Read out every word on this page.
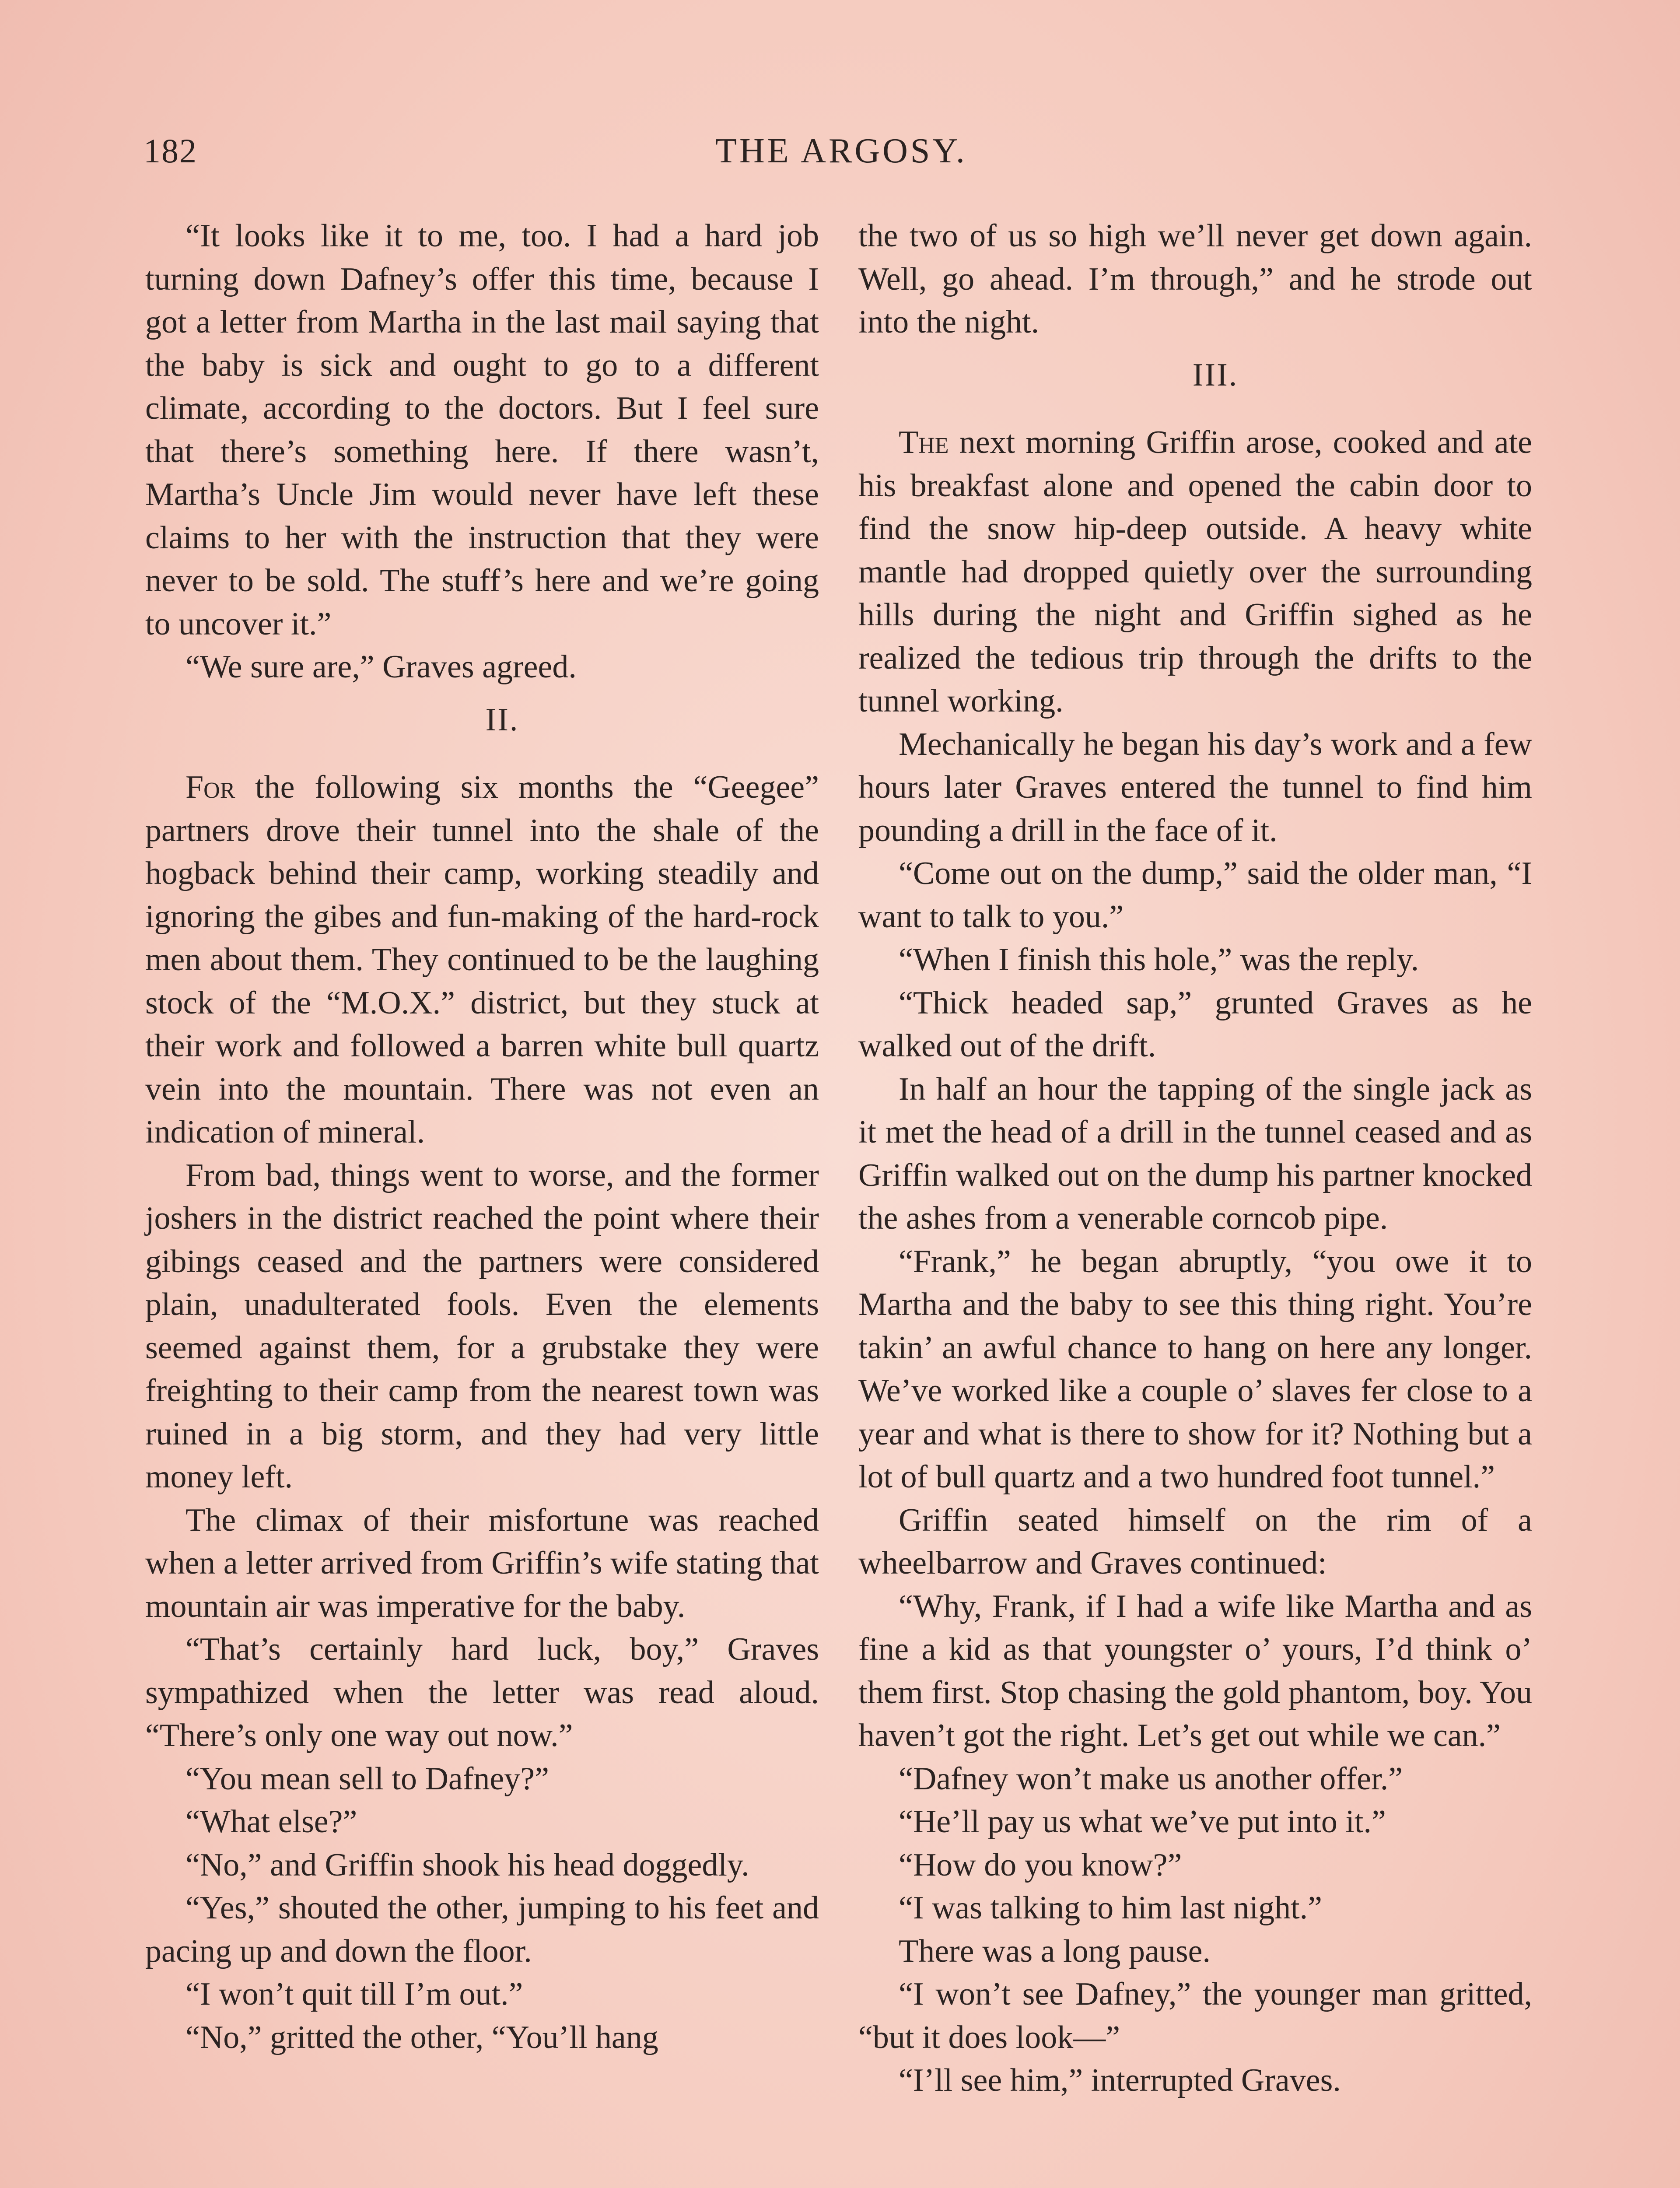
182	THE ARGOSY.

“It looks like it to me, too. I had a hard job turning down Dafney’s offer this time, because I got a letter from Martha in the last mail saying that the baby is sick and ought to go to a different climate, according to the doctors. But I feel sure that there’s something here. If there wasn’t, Martha’s Uncle Jim would never have left these claims to her with the instruction that they were never to be sold. The stuff’s here and we’re going to uncover it.”

“We sure are,” Graves agreed.

II.

For the following six months the “Geegee” partners drove their tunnel into the shale of the hogback behind their camp, working steadily and ignoring the gibes and fun-making of the hard-rock men about them. They continued to be the laughing stock of the “M.O.X.” district, but they stuck at their work and followed a barren white bull quartz vein into the mountain. There was not even an indication of mineral.

From bad, things went to worse, and the former joshers in the district reached the point where their gibings ceased and the partners were considered plain, unadulterated fools. Even the elements seemed against them, for a grubstake they were freighting to their camp from the nearest town was ruined in a big storm, and they had very little money left.

The climax of their misfortune was reached when a letter arrived from Griffin’s wife stating that mountain air was imperative for the baby.

“That’s certainly hard luck, boy,” Graves sympathized when the letter was read aloud. “There’s only one way out now.”

“You mean sell to Dafney?”

“What else?”

“No,” and Griffin shook his head doggedly.

“Yes,” shouted the other, jumping to his feet and pacing up and down the floor.

“I won’t quit till I’m out.”

“No,” gritted the other, “You’ll hang

the two of us so high we’ll never get down again. Well, go ahead. I’m through,” and he strode out into the night.

III.

The next morning Griffin arose, cooked and ate his breakfast alone and opened the cabin door to find the snow hip-deep outside. A heavy white mantle had dropped quietly over the surrounding hills during the night and Griffin sighed as he realized the tedious trip through the drifts to the tunnel working.

Mechanically he began his day’s work and a few hours later Graves entered the tunnel to find him pounding a drill in the face of it.

“Come out on the dump,” said the older man, “I want to talk to you.”

“When I finish this hole,” was the reply.

“Thick headed sap,” grunted Graves as he walked out of the drift.

In half an hour the tapping of the single jack as it met the head of a drill in the tunnel ceased and as Griffin walked out on the dump his partner knocked the ashes from a venerable corncob pipe.

“Frank,” he began abruptly, “you owe it to Martha and the baby to see this thing right. You’re takin’ an awful chance to hang on here any longer. We’ve worked like a couple o’ slaves fer close to a year and what is there to show for it? Nothing but a lot of bull quartz and a two hundred foot tunnel.”

Griffin seated himself on the rim of a wheelbarrow and Graves continued:

“Why, Frank, if I had a wife like Martha and as fine a kid as that youngster o’ yours, I’d think o’ them first. Stop chasing the gold phantom, boy. You haven’t got the right. Let’s get out while we can.”

“Dafney won’t make us another offer.”

“He’ll pay us what we’ve put into it.”

“How do you know?”

“I was talking to him last night.”

There was a long pause.

“I won’t see Dafney,” the younger man gritted, “but it does look—”

“I’ll see him,” interrupted Graves.
